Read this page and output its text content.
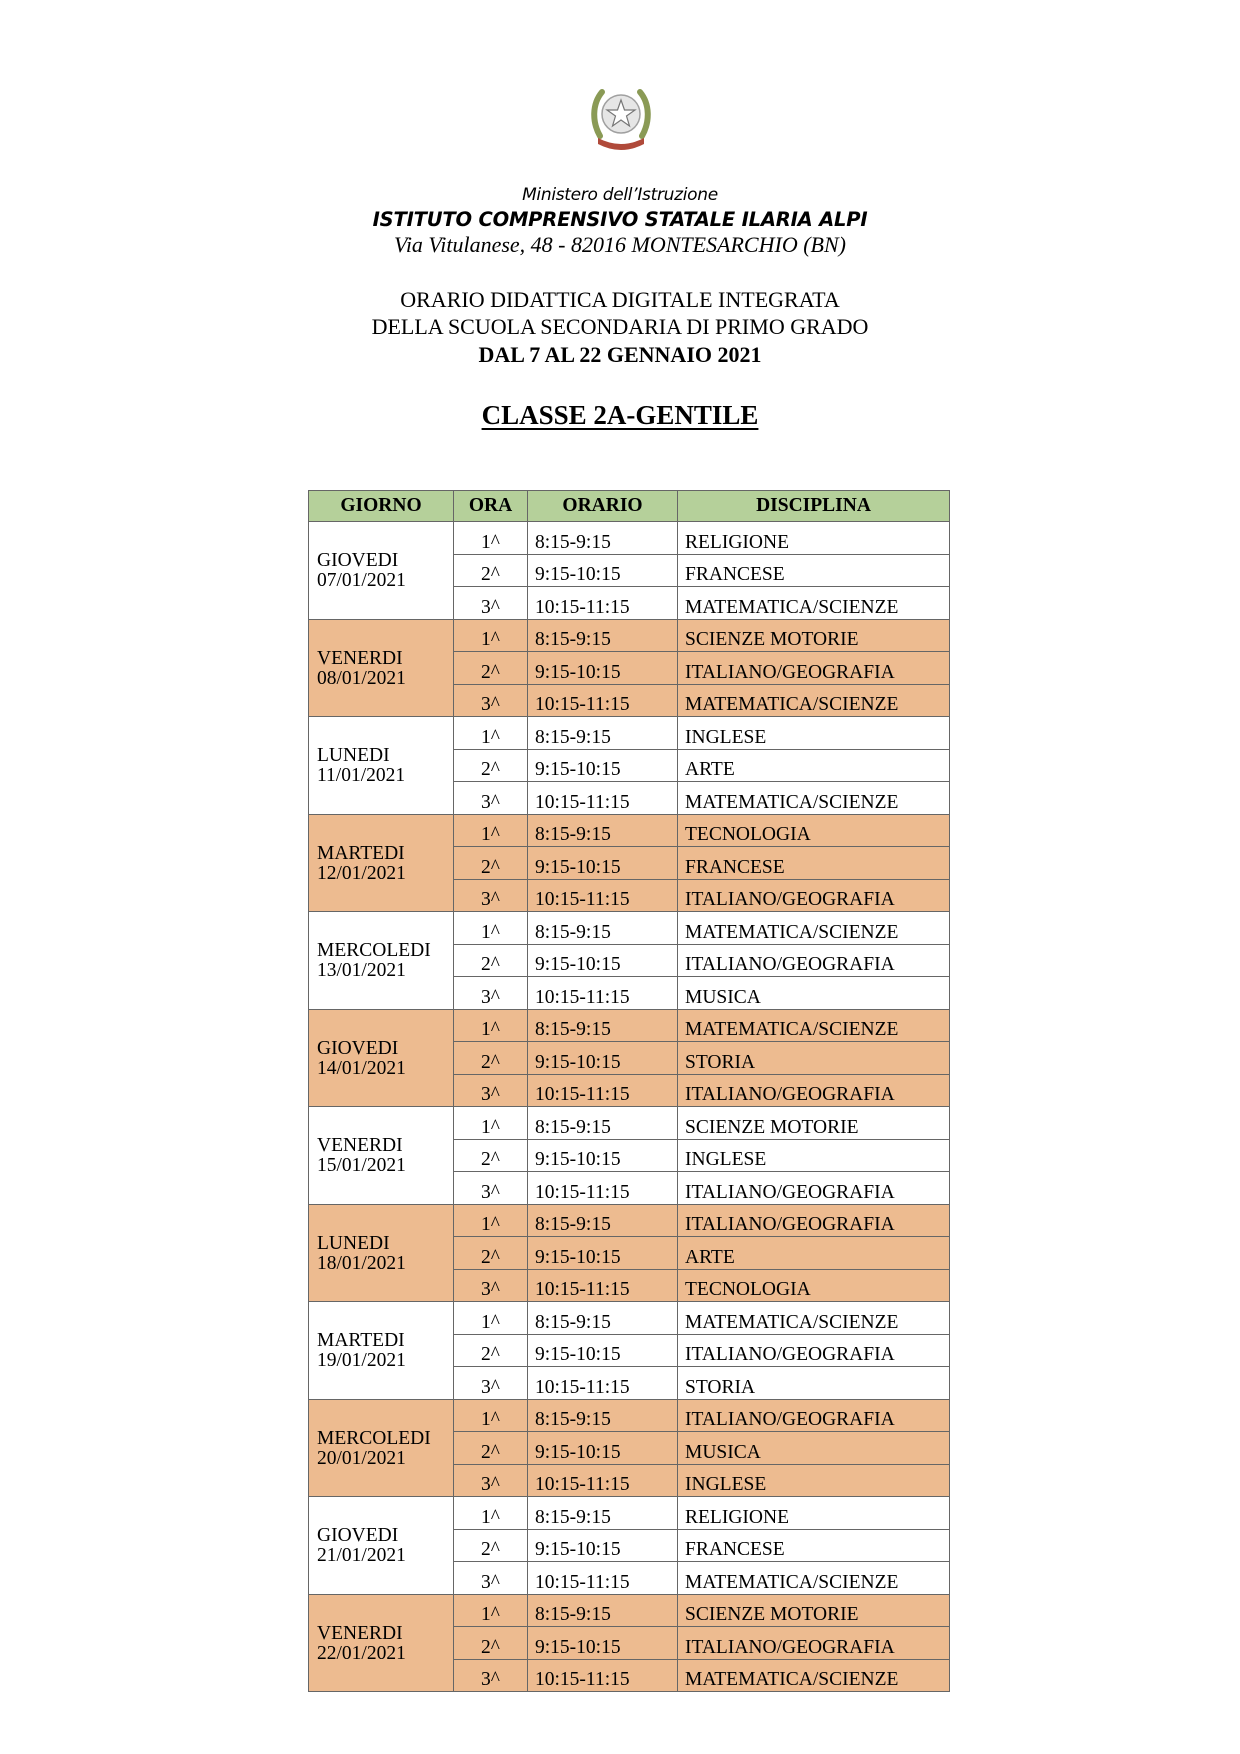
Ministero dell’Istruzione
ISTITUTO COMPRENSIVO STATALE ILARIA ALPI
Via Vitulanese, 48 - 82016 MONTESARCHIO (BN)
ORARIO DIDATTICA DIGITALE INTEGRATA
DELLA SCUOLA SECONDARIA DI PRIMO GRADO
DAL 7 AL 22 GENNAIO 2021
CLASSE 2A-GENTILE
GIORNO	ORA	ORARIO	DISCIPLINA

GIOVEDI
07/01/2021	1^	8:15-9:15	RELIGIONE
	2^	9:15-10:15	FRANCESE
	3^	10:15-11:15	MATEMATICA/SCIENZE

VENERDI
08/01/2021	1^	8:15-9:15	SCIENZE MOTORIE
	2^	9:15-10:15	ITALIANO/GEOGRAFIA
	3^	10:15-11:15	MATEMATICA/SCIENZE

LUNEDI
11/01/2021	1^	8:15-9:15	INGLESE
	2^	9:15-10:15	ARTE
	3^	10:15-11:15	MATEMATICA/SCIENZE

MARTEDI
12/01/2021	1^	8:15-9:15	TECNOLOGIA
	2^	9:15-10:15	FRANCESE
	3^	10:15-11:15	ITALIANO/GEOGRAFIA

MERCOLEDI
13/01/2021	1^	8:15-9:15	MATEMATICA/SCIENZE
	2^	9:15-10:15	ITALIANO/GEOGRAFIA
	3^	10:15-11:15	MUSICA

GIOVEDI
14/01/2021	1^	8:15-9:15	MATEMATICA/SCIENZE
	2^	9:15-10:15	STORIA
	3^	10:15-11:15	ITALIANO/GEOGRAFIA

VENERDI
15/01/2021	1^	8:15-9:15	SCIENZE MOTORIE
	2^	9:15-10:15	INGLESE
	3^	10:15-11:15	ITALIANO/GEOGRAFIA

LUNEDI
18/01/2021	1^	8:15-9:15	ITALIANO/GEOGRAFIA
	2^	9:15-10:15	ARTE
	3^	10:15-11:15	TECNOLOGIA

MARTEDI
19/01/2021	1^	8:15-9:15	MATEMATICA/SCIENZE
	2^	9:15-10:15	ITALIANO/GEOGRAFIA
	3^	10:15-11:15	STORIA

MERCOLEDI
20/01/2021	1^	8:15-9:15	ITALIANO/GEOGRAFIA
	2^	9:15-10:15	MUSICA
	3^	10:15-11:15	INGLESE

GIOVEDI
21/01/2021	1^	8:15-9:15	RELIGIONE
	2^	9:15-10:15	FRANCESE
	3^	10:15-11:15	MATEMATICA/SCIENZE

VENERDI
22/01/2021	1^	8:15-9:15	SCIENZE MOTORIE
	2^	9:15-10:15	ITALIANO/GEOGRAFIA
	3^	10:15-11:15	MATEMATICA/SCIENZE
